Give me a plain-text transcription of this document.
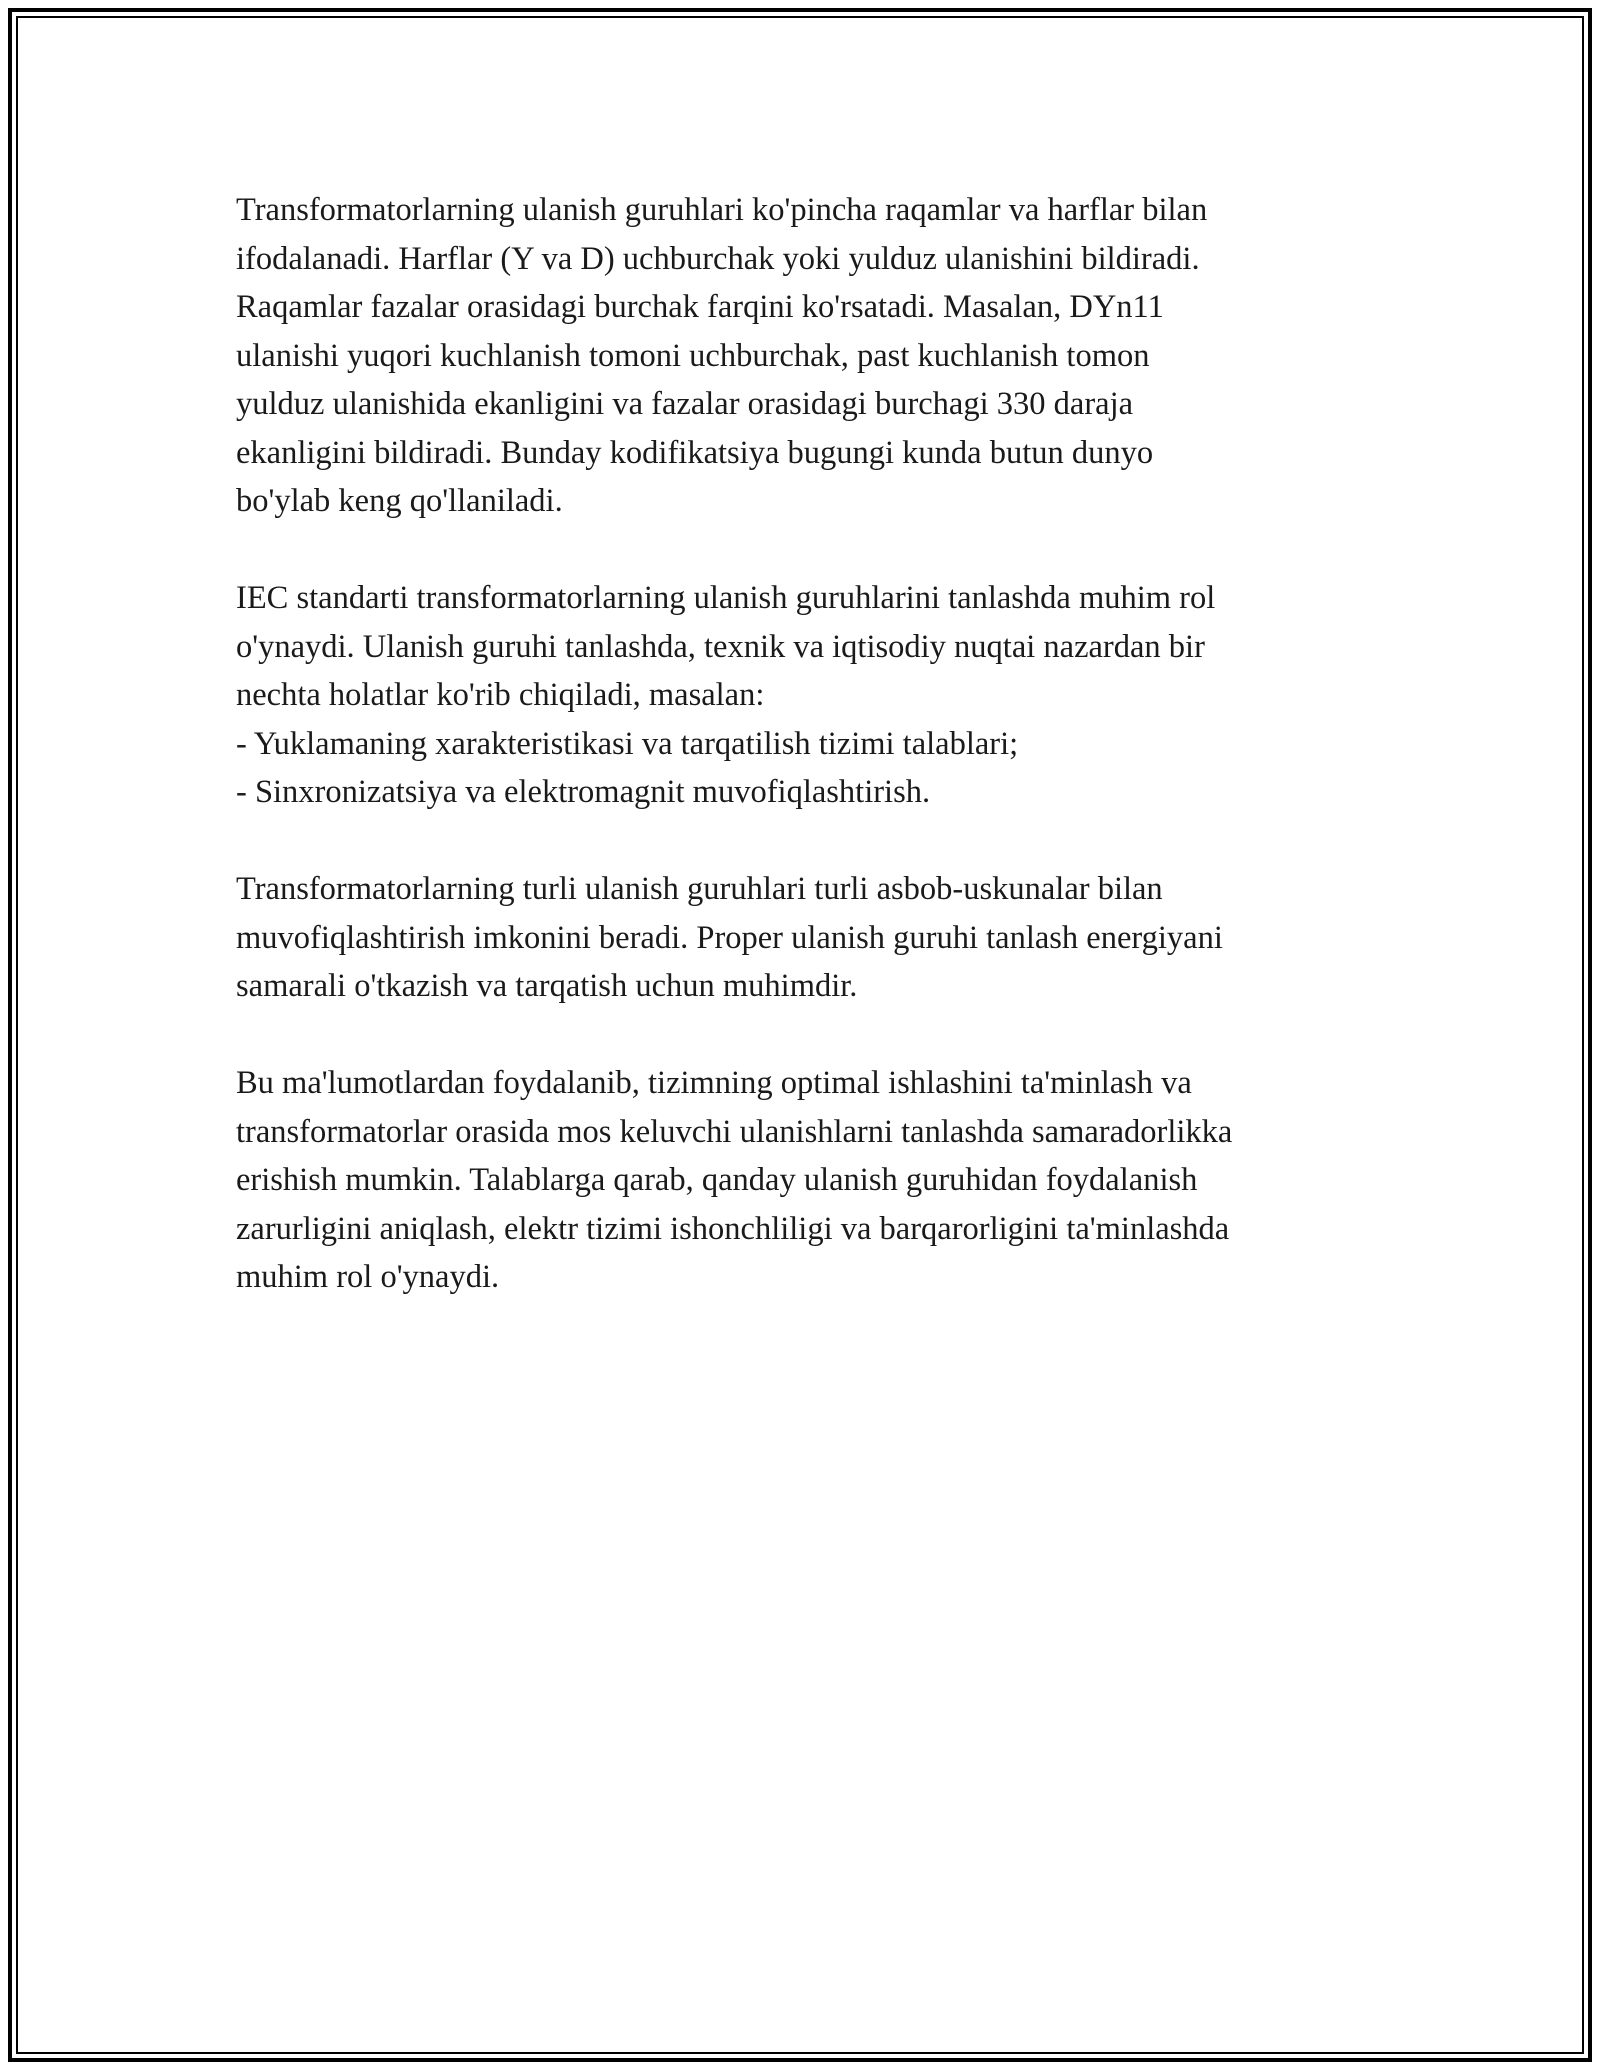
Transformatorlarning ulanish guruhlari ko'pincha raqamlar va harflar bilan
ifodalanadi. Harflar (Y va D) uchburchak yoki yulduz ulanishini bildiradi.
Raqamlar fazalar orasidagi burchak farqini ko'rsatadi. Masalan, DYn11
ulanishi yuqori kuchlanish tomoni uchburchak, past kuchlanish tomon
yulduz ulanishida ekanligini va fazalar orasidagi burchagi 330 daraja
ekanligini bildiradi. Bunday kodifikatsiya bugungi kunda butun dunyo
bo'ylab keng qo'llaniladi.

IEC standarti transformatorlarning ulanish guruhlarini tanlashda muhim rol
o'ynaydi. Ulanish guruhi tanlashda, texnik va iqtisodiy nuqtai nazardan bir
nechta holatlar ko'rib chiqiladi, masalan:
- Yuklamaning xarakteristikasi va tarqatilish tizimi talablari;
- Sinxronizatsiya va elektromagnit muvofiqlashtirish.

Transformatorlarning turli ulanish guruhlari turli asbob-uskunalar bilan
muvofiqlashtirish imkonini beradi. Proper ulanish guruhi tanlash energiyani
samarali o'tkazish va tarqatish uchun muhimdir.

Bu ma'lumotlardan foydalanib, tizimning optimal ishlashini ta'minlash va
transformatorlar orasida mos keluvchi ulanishlarni tanlashda samaradorlikka
erishish mumkin. Talablarga qarab, qanday ulanish guruhidan foydalanish
zarurligini aniqlash, elektr tizimi ishonchliligi va barqarorligini ta'minlashda
muhim rol o'ynaydi.
